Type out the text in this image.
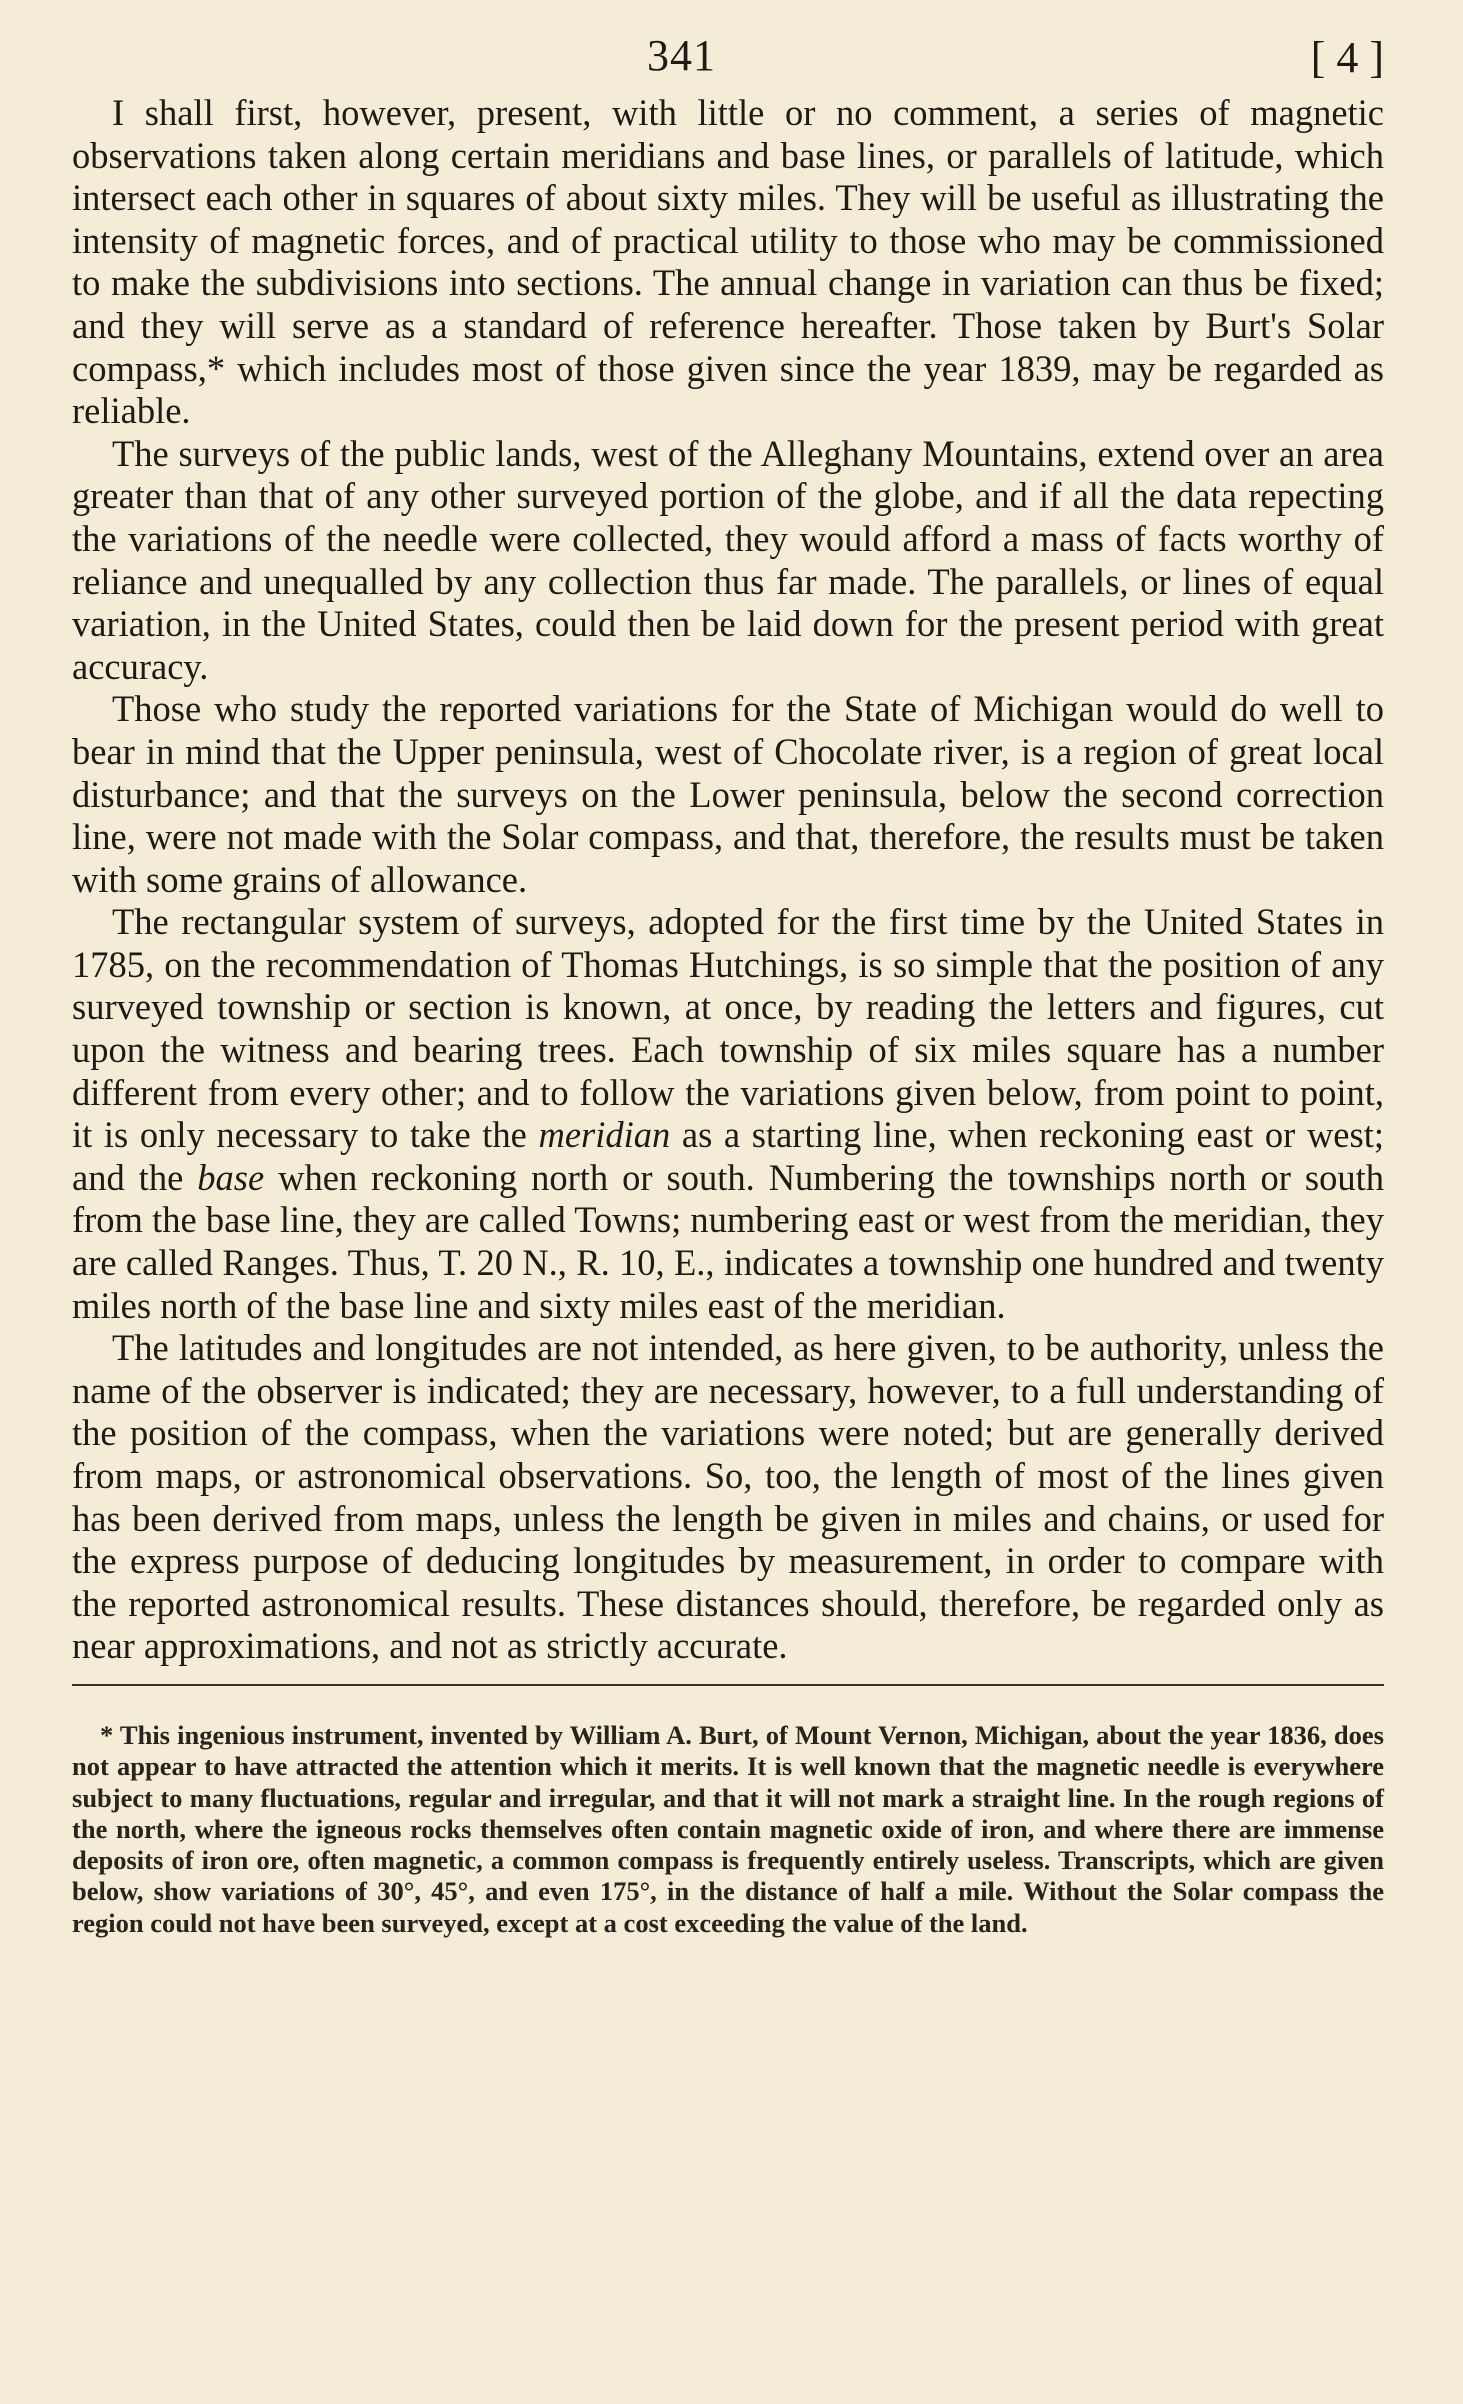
341	[ 4 ]

I shall first, however, present, with little or no comment, a series of magnetic observations taken along certain meridians and base lines, or parallels of latitude, which intersect each other in squares of about sixty miles. They will be useful as illustrating the intensity of magnetic forces, and of practical utility to those who may be commissioned to make the subdivisions into sections. The annual change in variation can thus be fixed; and they will serve as a standard of reference hereafter. Those taken by Burt's Solar compass,* which includes most of those given since the year 1839, may be regarded as reliable.

The surveys of the public lands, west of the Alleghany Mountains, extend over an area greater than that of any other surveyed portion of the globe, and if all the data repecting the variations of the needle were collected, they would afford a mass of facts worthy of reliance and unequalled by any collection thus far made. The parallels, or lines of equal variation, in the United States, could then be laid down for the present period with great accuracy.

Those who study the reported variations for the State of Michigan would do well to bear in mind that the Upper peninsula, west of Chocolate river, is a region of great local disturbance; and that the surveys on the Lower peninsula, below the second correction line, were not made with the Solar compass, and that, therefore, the results must be taken with some grains of allowance.

The rectangular system of surveys, adopted for the first time by the United States in 1785, on the recommendation of Thomas Hutchings, is so simple that the position of any surveyed township or section is known, at once, by reading the letters and figures, cut upon the witness and bearing trees. Each township of six miles square has a number different from every other; and to follow the variations given below, from point to point, it is only necessary to take the meridian as a starting line, when reckoning east or west; and the base when reckoning north or south. Numbering the townships north or south from the base line, they are called Towns; numbering east or west from the meridian, they are called Ranges. Thus, T. 20 N., R. 10, E., indicates a township one hundred and twenty miles north of the base line and sixty miles east of the meridian.

The latitudes and longitudes are not intended, as here given, to be authority, unless the name of the observer is indicated; they are necessary, however, to a full understanding of the position of the compass, when the variations were noted; but are generally derived from maps, or astronomical observations. So, too, the length of most of the lines given has been derived from maps, unless the length be given in miles and chains, or used for the express purpose of deducing longitudes by measurement, in order to compare with the reported astronomical results. These distances should, therefore, be regarded only as near approximations, and not as strictly accurate.

* This ingenious instrument, invented by William A. Burt, of Mount Vernon, Michigan, about the year 1836, does not appear to have attracted the attention which it merits. It is well known that the magnetic needle is everywhere subject to many fluctuations, regular and irregular, and that it will not mark a straight line. In the rough regions of the north, where the igneous rocks themselves often contain magnetic oxide of iron, and where there are immense deposits of iron ore, often magnetic, a common compass is frequently entirely useless. Transcripts, which are given below, show variations of 30°, 45°, and even 175°, in the distance of half a mile. Without the Solar compass the region could not have been surveyed, except at a cost exceeding the value of the land.
